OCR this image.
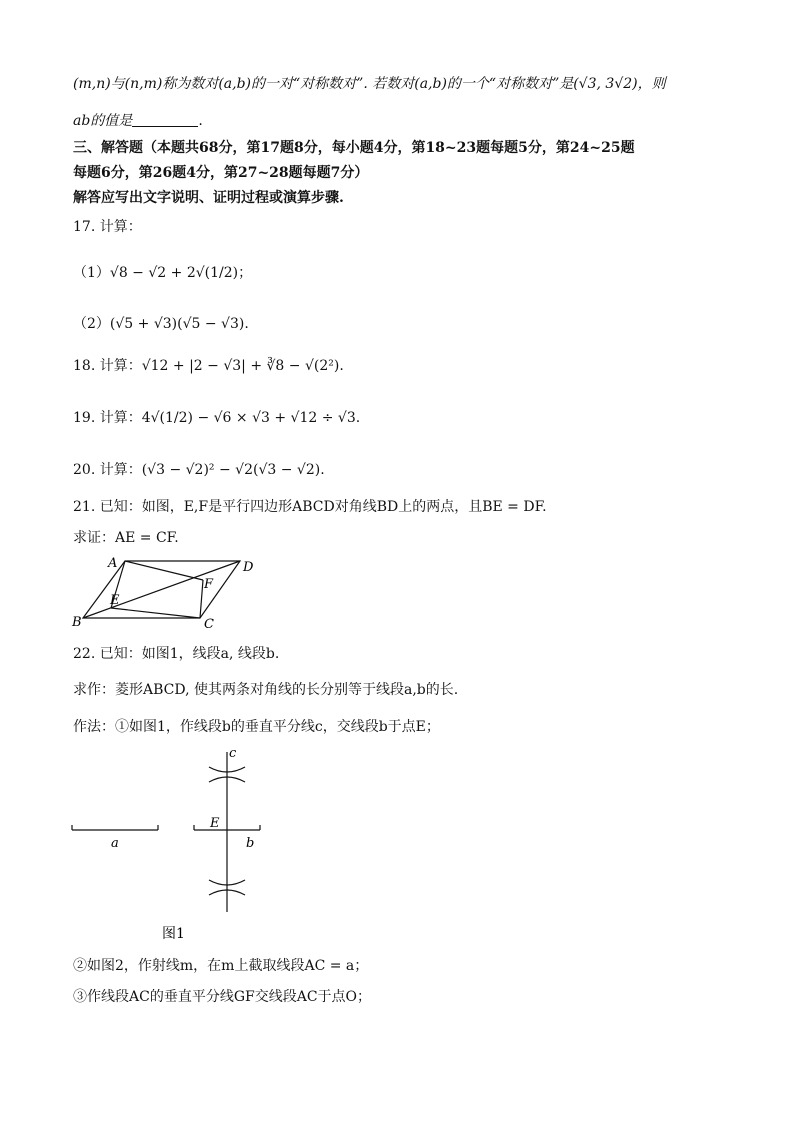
(m,n)与(n,m)称为数对(a,b)的一对“对称数对”. 若数对(a,b)的一个“对称数对”是(√3, 3√2)，则
ab的值是	.
三、解答题（本题共68分，第17题8分，每小题4分，第18~23题每题5分，第24~25题
每题6分，第26题4分，第27~28题每题7分）
解答应写出文字说明、证明过程或演算步骤.
17. 计算：
（1）√8 − √2 + 2√(1/2)；
（2）(√5 + √3)(√5 − √3).
18. 计算：√12 + |2 − √3| + ∛8 − √(2²).
19. 计算：4√(1/2) − √6 × √3 + √12 ÷ √3.
20. 计算：(√3 − √2)² − √2(√3 − √2).
21. 已知：如图，E,F是平行四边形ABCD对角线BD上的两点，且BE = DF.
求证：AE = CF.
A
B	C
D
E
F
22. 已知：如图1，线段a, 线段b.
求作：菱形ABCD, 使其两条对角线的长分别等于线段a,b的长.
作法：①如图1，作线段b的垂直平分线c，交线段b于点E；
a	b
c
E
图1
②如图2，作射线m，在m上截取线段AC = a；
③作线段AC的垂直平分线GF交线段AC于点O；
